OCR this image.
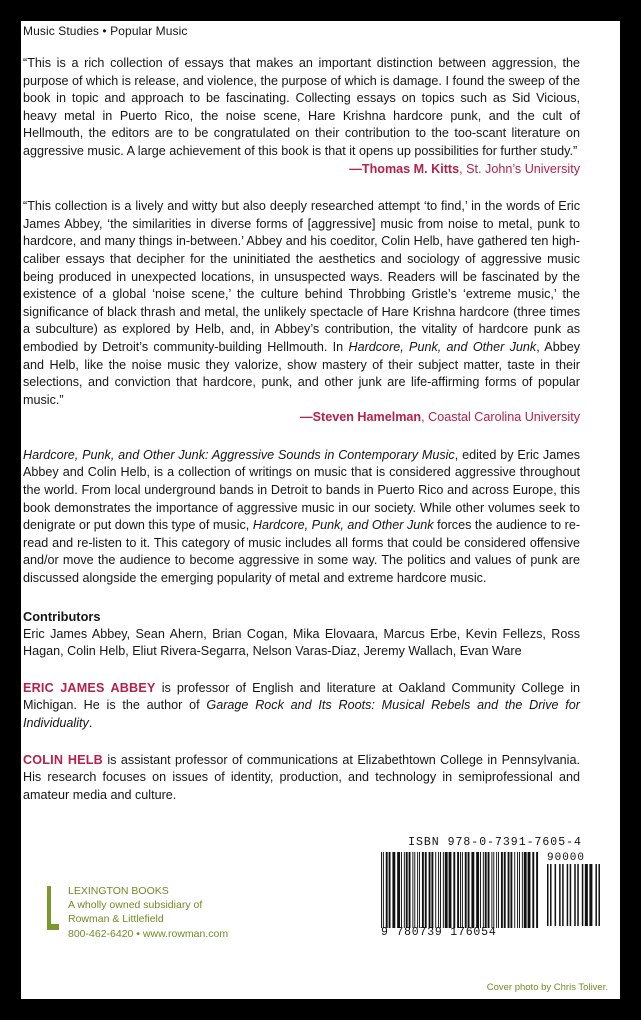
Music Studies • Popular Music

“This is a rich collection of essays that makes an important distinction between aggression, the purpose of which is release, and violence, the purpose of which is damage. I found the sweep of the book in topic and approach to be fascinating. Collecting essays on topics such as Sid Vicious, heavy metal in Puerto Rico, the noise scene, Hare Krishna hardcore punk, and the cult of Hellmouth, the editors are to be congratulated on their contribution to the too-scant literature on aggressive music. A large achievement of this book is that it opens up possibilities for further study.”

—Thomas M. Kitts, St. John’s University

“This collection is a lively and witty but also deeply researched attempt ‘to find,’ in the words of Eric James Abbey, ‘the similarities in diverse forms of [aggressive] music from noise to metal, punk to hardcore, and many things in-between.’ Abbey and his coeditor, Colin Helb, have gathered ten high-caliber essays that decipher for the uninitiated the aesthetics and sociology of aggressive music being produced in unexpected locations, in unsuspected ways. Readers will be fascinated by the existence of a global ‘noise scene,’ the culture behind Throbbing Gristle’s ‘extreme music,’ the significance of black thrash and metal, the unlikely spectacle of Hare Krishna hardcore (three times a subculture) as explored by Helb, and, in Abbey’s contribution, the vitality of hardcore punk as embodied by Detroit’s community-building Hellmouth. In Hardcore, Punk, and Other Junk, Abbey and Helb, like the noise music they valorize, show mastery of their subject matter, taste in their selections, and conviction that hardcore, punk, and other junk are life-affirming forms of popular music.”

—Steven Hamelman, Coastal Carolina University

Hardcore, Punk, and Other Junk: Aggressive Sounds in Contemporary Music, edited by Eric James Abbey and Colin Helb, is a collection of writings on music that is considered aggressive throughout the world. From local underground bands in Detroit to bands in Puerto Rico and across Europe, this book demonstrates the importance of aggressive music in our society. While other volumes seek to denigrate or put down this type of music, Hardcore, Punk, and Other Junk forces the audience to re-read and re-listen to it. This category of music includes all forms that could be considered offensive and/or move the audience to become aggressive in some way. The politics and values of punk are discussed alongside the emerging popularity of metal and extreme hardcore music.

Contributors

Eric James Abbey, Sean Ahern, Brian Cogan, Mika Elovaara, Marcus Erbe, Kevin Fellezs, Ross Hagan, Colin Helb, Eliut Rivera-Segarra, Nelson Varas-Diaz, Jeremy Wallach, Evan Ware

ERIC JAMES ABBEY is professor of English and literature at Oakland Community College in Michigan. He is the author of Garage Rock and Its Roots: Musical Rebels and the Drive for Individuality.

COLIN HELB is assistant professor of communications at Elizabethtown College in Pennsylvania. His research focuses on issues of identity, production, and technology in semiprofessional and amateur media and culture.

LEXINGTON BOOKS
A wholly owned subsidiary of
Rowman & Littlefield
800-462-6420 • www.rowman.com
ISBN 978-0-7391-7605-4
9 780739 176054
90000
Cover photo by Chris Toliver.
